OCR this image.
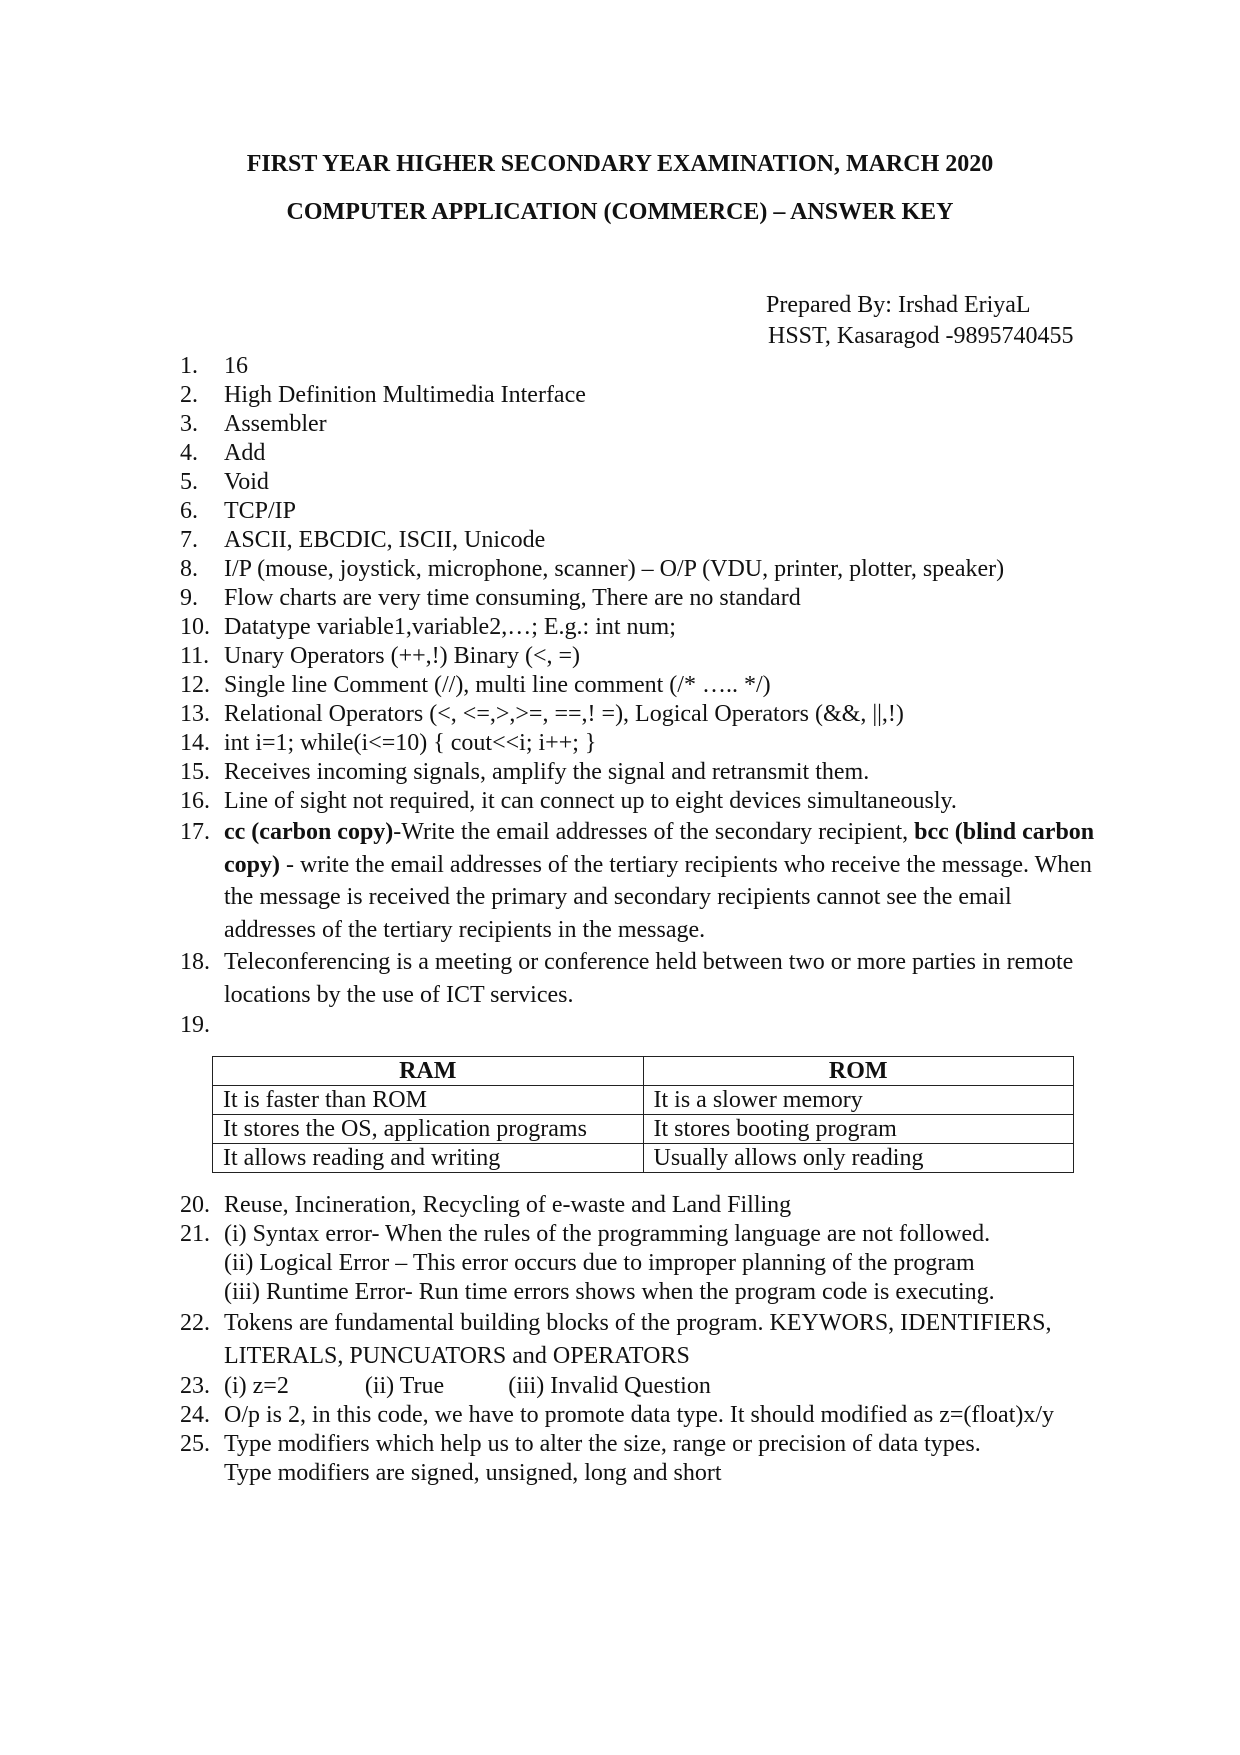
FIRST YEAR HIGHER SECONDARY EXAMINATION, MARCH 2020
COMPUTER APPLICATION (COMMERCE) – ANSWER KEY
Prepared By: Irshad EriyaL
HSST, Kasaragod -9895740455
1.	16
2.	High Definition Multimedia Interface
3.	Assembler
4.	Add
5.	Void
6.	TCP/IP
7.	ASCII, EBCDIC, ISCII, Unicode
8.	I/P (mouse, joystick, microphone, scanner) – O/P (VDU, printer, plotter, speaker)
9.	Flow charts are very time consuming, There are no standard
10. Datatype variable1,variable2,…; E.g.: int num;
11. Unary Operators (++,!) Binary (<, =)
12. Single line Comment (//), multi line comment (/* ….. */)
13. Relational Operators (<, <=,>,>=, ==,! =), Logical Operators (&&, ||,!)
14. int i=1; while(i<=10) { cout<<i; i++; }
15. Receives incoming signals, amplify the signal and retransmit them.
16. Line of sight not required, it can connect up to eight devices simultaneously.
17. cc (carbon copy)-Write the email addresses of the secondary recipient, bcc (blind carbon copy) - write the email addresses of the tertiary recipients who receive the message. When the message is received the primary and secondary recipients cannot see the email addresses of the tertiary recipients in the message.
18. Teleconferencing is a meeting or conference held between two or more parties in remote locations by the use of ICT services.
19.

RAM	ROM
It is faster than ROM	It is a slower memory
It stores the OS, application programs	It stores booting program
It allows reading and writing	Usually allows only reading
20. Reuse, Incineration, Recycling of e-waste and Land Filling
21. (i) Syntax error- When the rules of the programming language are not followed.
(ii) Logical Error – This error occurs due to improper planning of the program
(iii) Runtime Error- Run time errors shows when the program code is executing.
22. Tokens are fundamental building blocks of the program. KEYWORS, IDENTIFIERS, LITERALS, PUNCUATORS and OPERATORS
23. (i) z=2	(ii) True	(iii) Invalid Question
24. O/p is 2, in this code, we have to promote data type. It should modified as z=(float)x/y
25. Type modifiers which help us to alter the size, range or precision of data types.
Type modifiers are signed, unsigned, long and short
